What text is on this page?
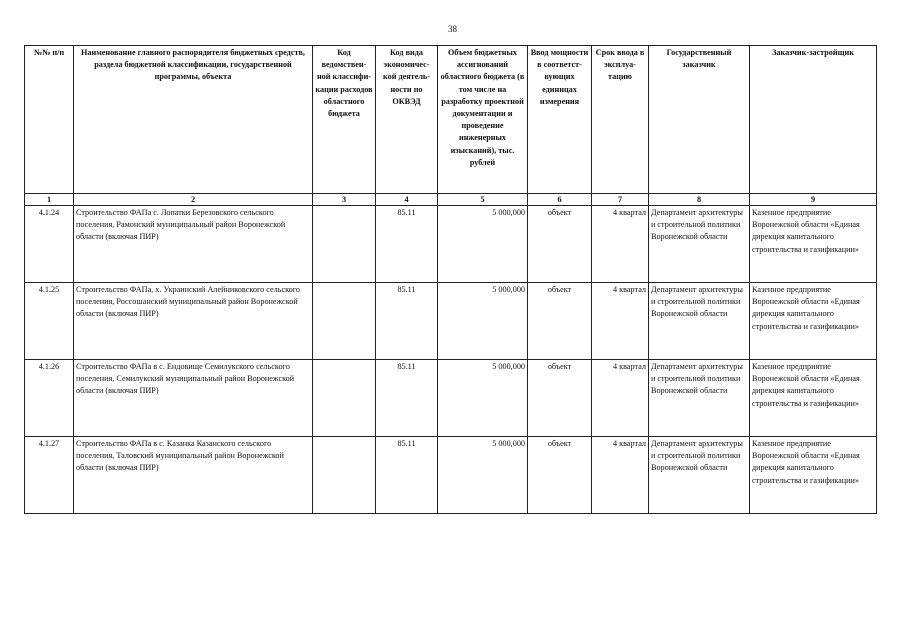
38
№№ п/п	Наименование главного распорядителя бюджетных средств, раздела бюджетной классификации, государственной программы, объекта	Код ведомствен-ной классифи-кации расходов областного бюджета	Код вида экономичес-кой деятель-ности по ОКВЭД	Объем бюджетных ассигнований областного бюджета (в том числе на разработку проектной документации и проведение инженерных изысканий), тыс. рублей	Ввод мощности в соответст-вующих единицах измерения	Срок ввода в эксплуа-тацию	Государственный заказчик	Заказчик-застройщик
1	2	3	4	5	6	7	8	9
4.1.24	Строительство ФАПа с. Лопатки Березовского сельского поселения, Рамонский муниципальный район Воронежской области (включая ПИР)		85.11	5 000,000	объект	4 квартал	Департамент архитектуры и строительной политики Воронежской области	Казенное предприятие Воронежской области «Единая дирекция капитального строительства и газификации»
4.1.25	Строительство ФАПа, х. Украинский Алейниковского сельского поселения, Россошанский муниципальный район Воронежской области (включая ПИР)		85.11	5 000,000	объект	4 квартал	Департамент архитектуры и строительной политики Воронежской области	Казенное предприятие Воронежской области «Единая дирекция капитального строительства и газификации»
4.1.26	Строительство ФАПа в с. Ендовище Семилукского сельского поселения, Семилукский муниципальный район Воронежской области (включая ПИР)		85.11	5 000,000	объект	4 квартал	Департамент архитектуры и строительной политики Воронежской области	Казенное предприятие Воронежской области «Единая дирекция капитального строительства и газификации»
4.1.27	Строительство ФАПа в с. Казанка Казанского сельского поселения, Таловский муниципальный район Воронежской области (включая ПИР)		85.11	5 000,000	объект	4 квартал	Департамент архитектуры и строительной политики Воронежской области	Казенное предприятие Воронежской области «Единая дирекция капитального строительства и газификации»
